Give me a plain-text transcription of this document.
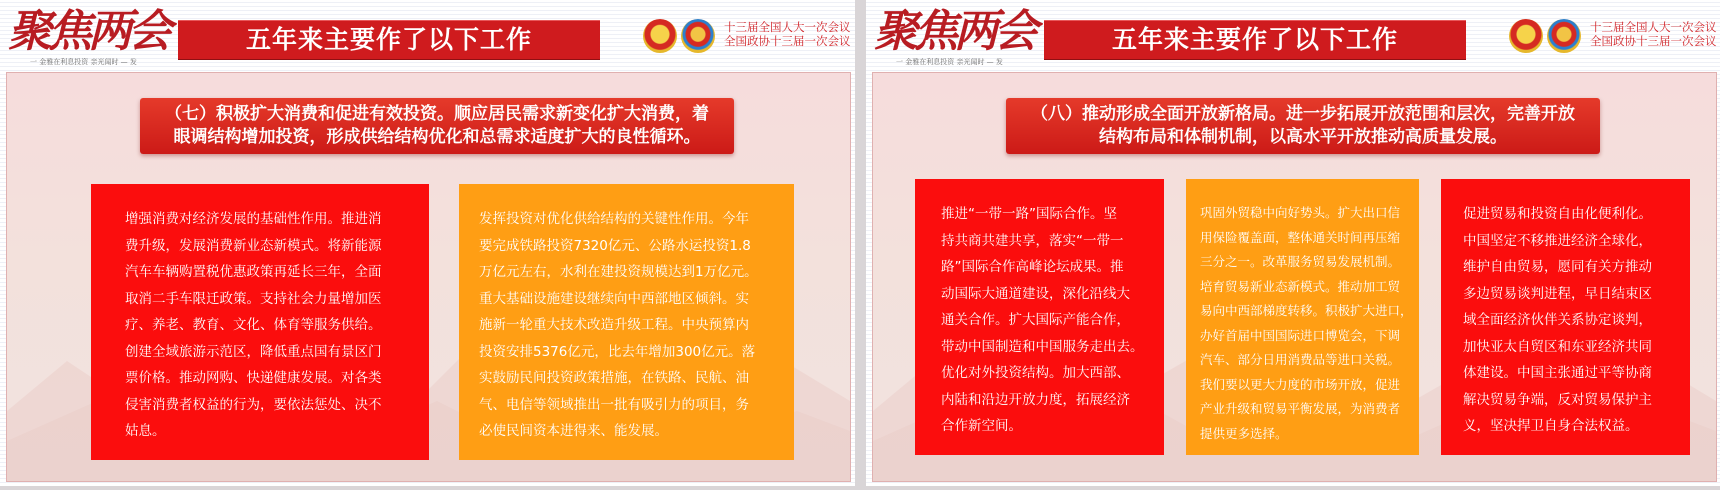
聚焦两会
一 金雅在利息投资 亲光闻时 — 发
五年来主要作了以下工作	十三届全国人大一次会议
全国政协十三届一次会议
（七）积极扩大消费和促进有效投资。顺应居民需求新变化扩大消费，着
眼调结构增加投资，形成供给结构优化和总需求适度扩大的良性循环。
增强消费对经济发展的基础性作用。推进消
费升级，发展消费新业态新模式。将新能源
汽车车辆购置税优惠政策再延长三年，全面
取消二手车限迁政策。支持社会力量增加医
疗、养老、教育、文化、体育等服务供给。
创建全域旅游示范区，降低重点国有景区门
票价格。推动网购、快递健康发展。对各类
侵害消费者权益的行为，要依法惩处、决不
姑息。
发挥投资对优化供给结构的关键性作用。今年
要完成铁路投资7320亿元、公路水运投资1.8
万亿元左右，水利在建投资规模达到1万亿元。
重大基础设施建设继续向中西部地区倾斜。实
施新一轮重大技术改造升级工程。中央预算内
投资安排5376亿元，比去年增加300亿元。落
实鼓励民间投资政策措施，在铁路、民航、油
气、电信等领域推出一批有吸引力的项目，务
必使民间资本进得来、能发展。
聚焦两会
一 金雅在利息投资 亲光闻时 — 发
五年来主要作了以下工作	十三届全国人大一次会议
全国政协十三届一次会议
（八）推动形成全面开放新格局。进一步拓展开放范围和层次，完善开放
结构布局和体制机制，以高水平开放推动高质量发展。
推进“一带一路”国际合作。坚
持共商共建共享，落实“一带一
路”国际合作高峰论坛成果。推
动国际大通道建设，深化沿线大
通关合作。扩大国际产能合作，
带动中国制造和中国服务走出去。
优化对外投资结构。加大西部、
内陆和沿边开放力度，拓展经济
合作新空间。
巩固外贸稳中向好势头。扩大出口信
用保险覆盖面，整体通关时间再压缩
三分之一。改革服务贸易发展机制。
培育贸易新业态新模式。推动加工贸
易向中西部梯度转移。积极扩大进口，
办好首届中国国际进口博览会，下调
汽车、部分日用消费品等进口关税。
我们要以更大力度的市场开放，促进
产业升级和贸易平衡发展，为消费者
提供更多选择。
促进贸易和投资自由化便利化。
中国坚定不移推进经济全球化，
维护自由贸易，愿同有关方推动
多边贸易谈判进程，早日结束区
域全面经济伙伴关系协定谈判，
加快亚太自贸区和东亚经济共同
体建设。中国主张通过平等协商
解决贸易争端，反对贸易保护主
义，坚决捍卫自身合法权益。
